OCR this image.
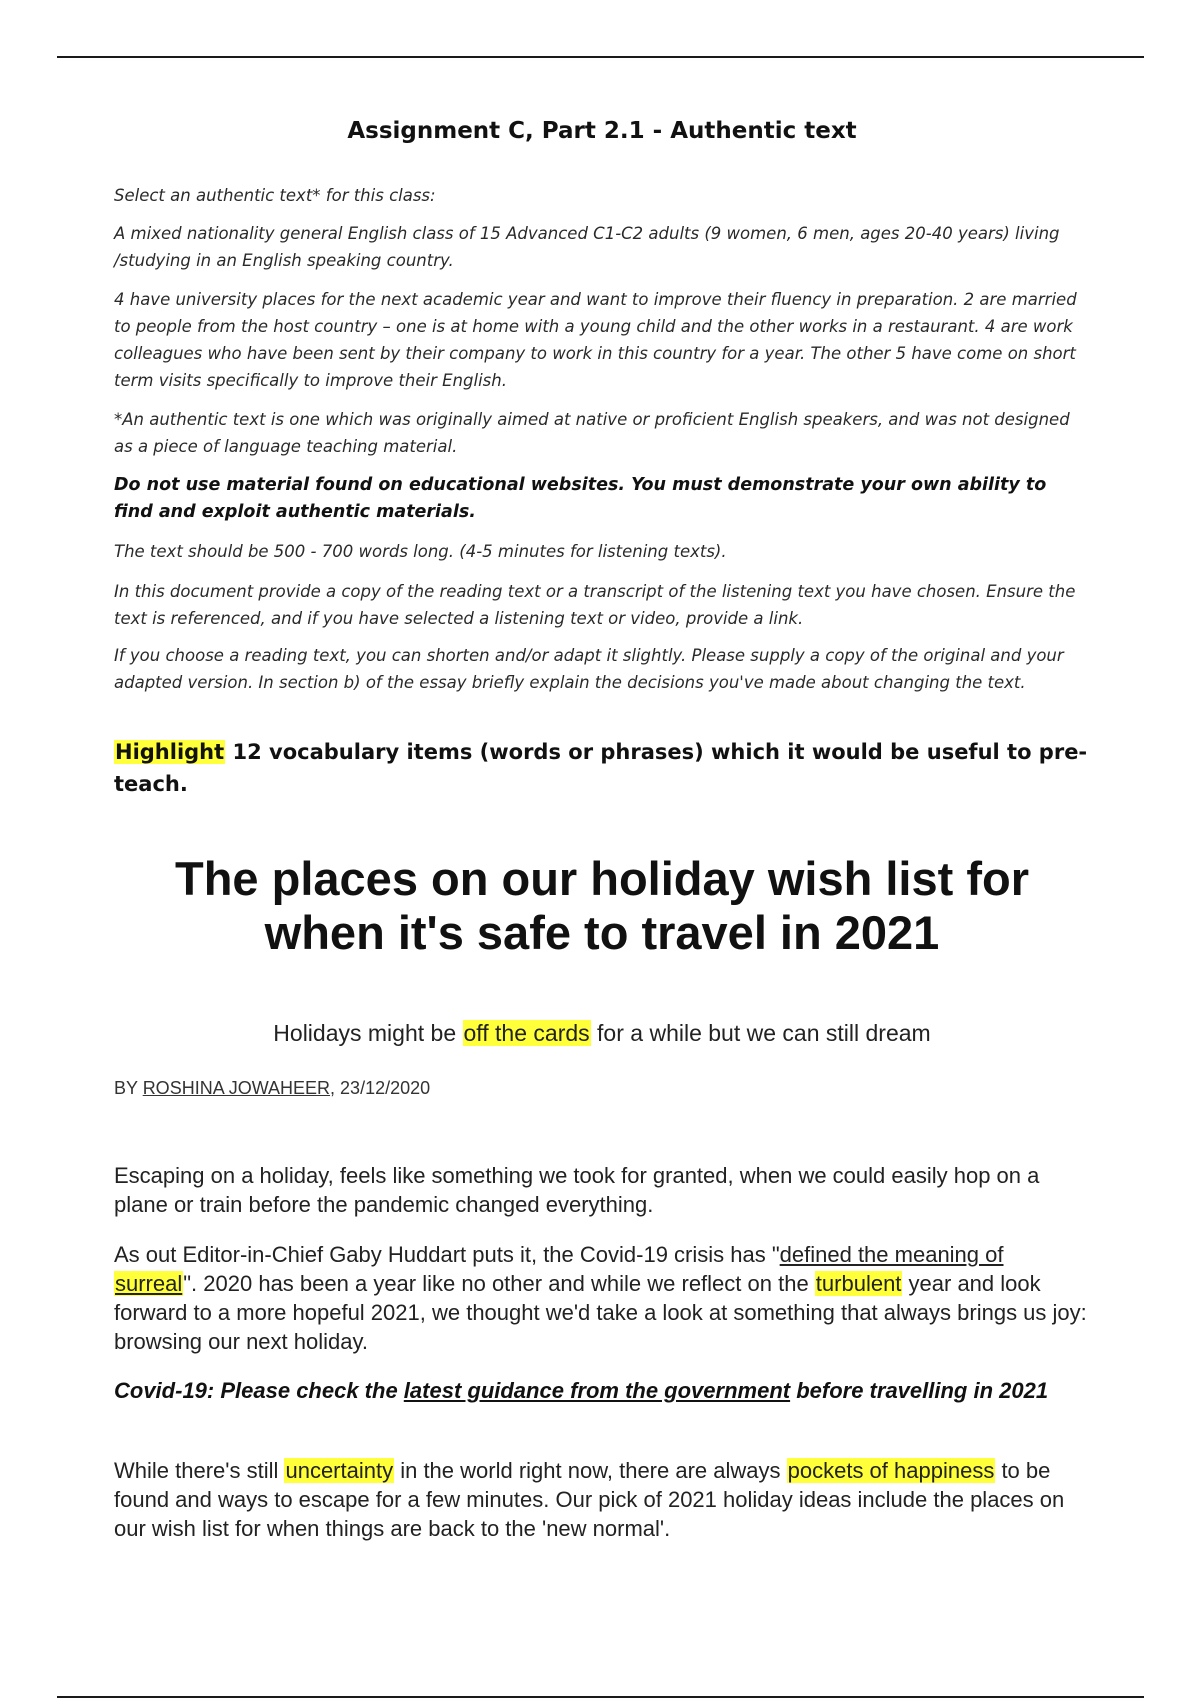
Assignment C, Part 2.1 - Authentic text

Select an authentic text* for this class:

A mixed nationality general English class of 15 Advanced C1-C2 adults (9 women, 6 men, ages 20-40 years) living /studying in an English speaking country.

4 have university places for the next academic year and want to improve their fluency in preparation. 2 are married to people from the host country – one is at home with a young child and the other works in a restaurant. 4 are work colleagues who have been sent by their company to work in this country for a year. The other 5 have come on short term visits specifically to improve their English.

*An authentic text is one which was originally aimed at native or proficient English speakers, and was not designed as a piece of language teaching material.

Do not use material found on educational websites. You must demonstrate your own ability to find and exploit authentic materials.

The text should be 500 - 700 words long. (4-5 minutes for listening texts).

In this document provide a copy of the reading text or a transcript of the listening text you have chosen. Ensure the text is referenced, and if you have selected a listening text or video, provide a link.

If you choose a reading text, you can shorten and/or adapt it slightly. Please supply a copy of the original and your adapted version. In section b) of the essay briefly explain the decisions you've made about changing the text.

Highlight 12 vocabulary items (words or phrases) which it would be useful to pre-teach.

The places on our holiday wish list for when it's safe to travel in 2021

Holidays might be off the cards for a while but we can still dream

BY ROSHINA JOWAHEER, 23/12/2020

Escaping on a holiday, feels like something we took for granted, when we could easily hop on a plane or train before the pandemic changed everything.

As out Editor-in-Chief Gaby Huddart puts it, the Covid-19 crisis has "defined the meaning of surreal". 2020 has been a year like no other and while we reflect on the turbulent year and look forward to a more hopeful 2021, we thought we'd take a look at something that always brings us joy: browsing our next holiday.

Covid-19: Please check the latest guidance from the government before travelling in 2021

While there's still uncertainty in the world right now, there are always pockets of happiness to be found and ways to escape for a few minutes. Our pick of 2021 holiday ideas include the places on our wish list for when things are back to the 'new normal'.
